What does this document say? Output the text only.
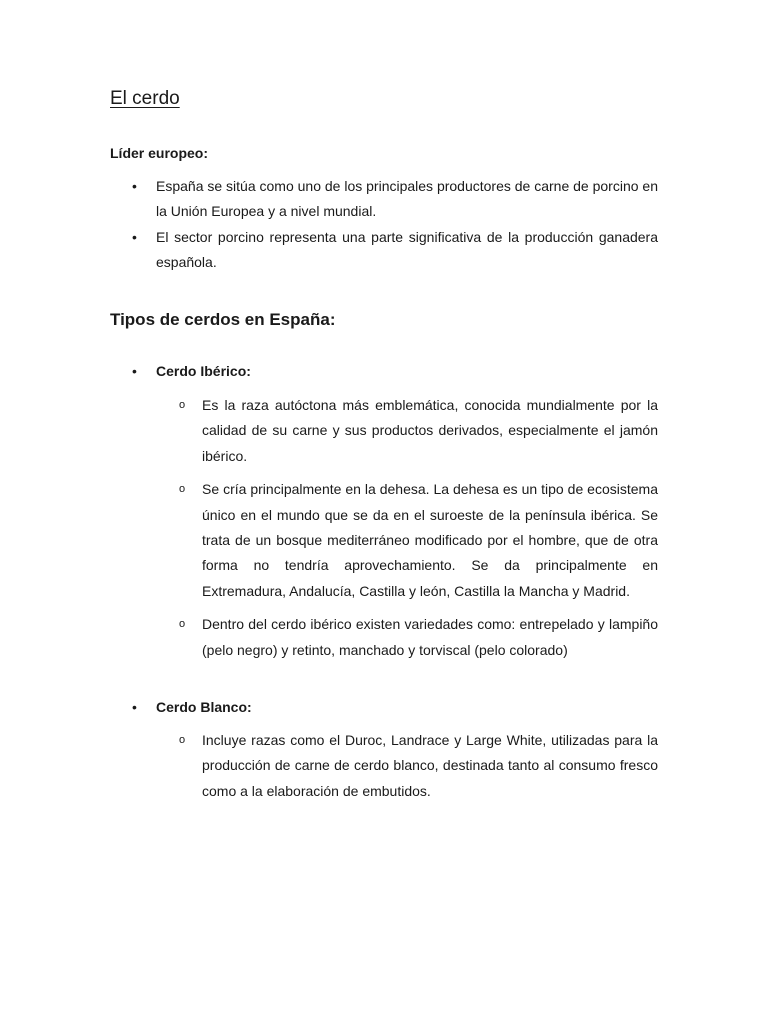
El cerdo

Líder europeo:

• España se sitúa como uno de los principales productores de carne de porcino en la Unión Europea y a nivel mundial.
• El sector porcino representa una parte significativa de la producción ganadera española.
Tipos de cerdos en España:
• Cerdo Ibérico:
o Es la raza autóctona más emblemática, conocida mundialmente por la calidad de su carne y sus productos derivados, especialmente el jamón ibérico.
o Se cría principalmente en la dehesa. La dehesa es un tipo de ecosistema único en el mundo que se da en el suroeste de la península ibérica. Se trata de un bosque mediterráneo modificado por el hombre, que de otra forma no tendría aprovechamiento. Se da principalmente en Extremadura, Andalucía, Castilla y león, Castilla la Mancha y Madrid.
o Dentro del cerdo ibérico existen variedades como: entrepelado y lampiño (pelo negro) y retinto, manchado y torviscal (pelo colorado)
• Cerdo Blanco:
o Incluye razas como el Duroc, Landrace y Large White, utilizadas para la producción de carne de cerdo blanco, destinada tanto al consumo fresco como a la elaboración de embutidos.
